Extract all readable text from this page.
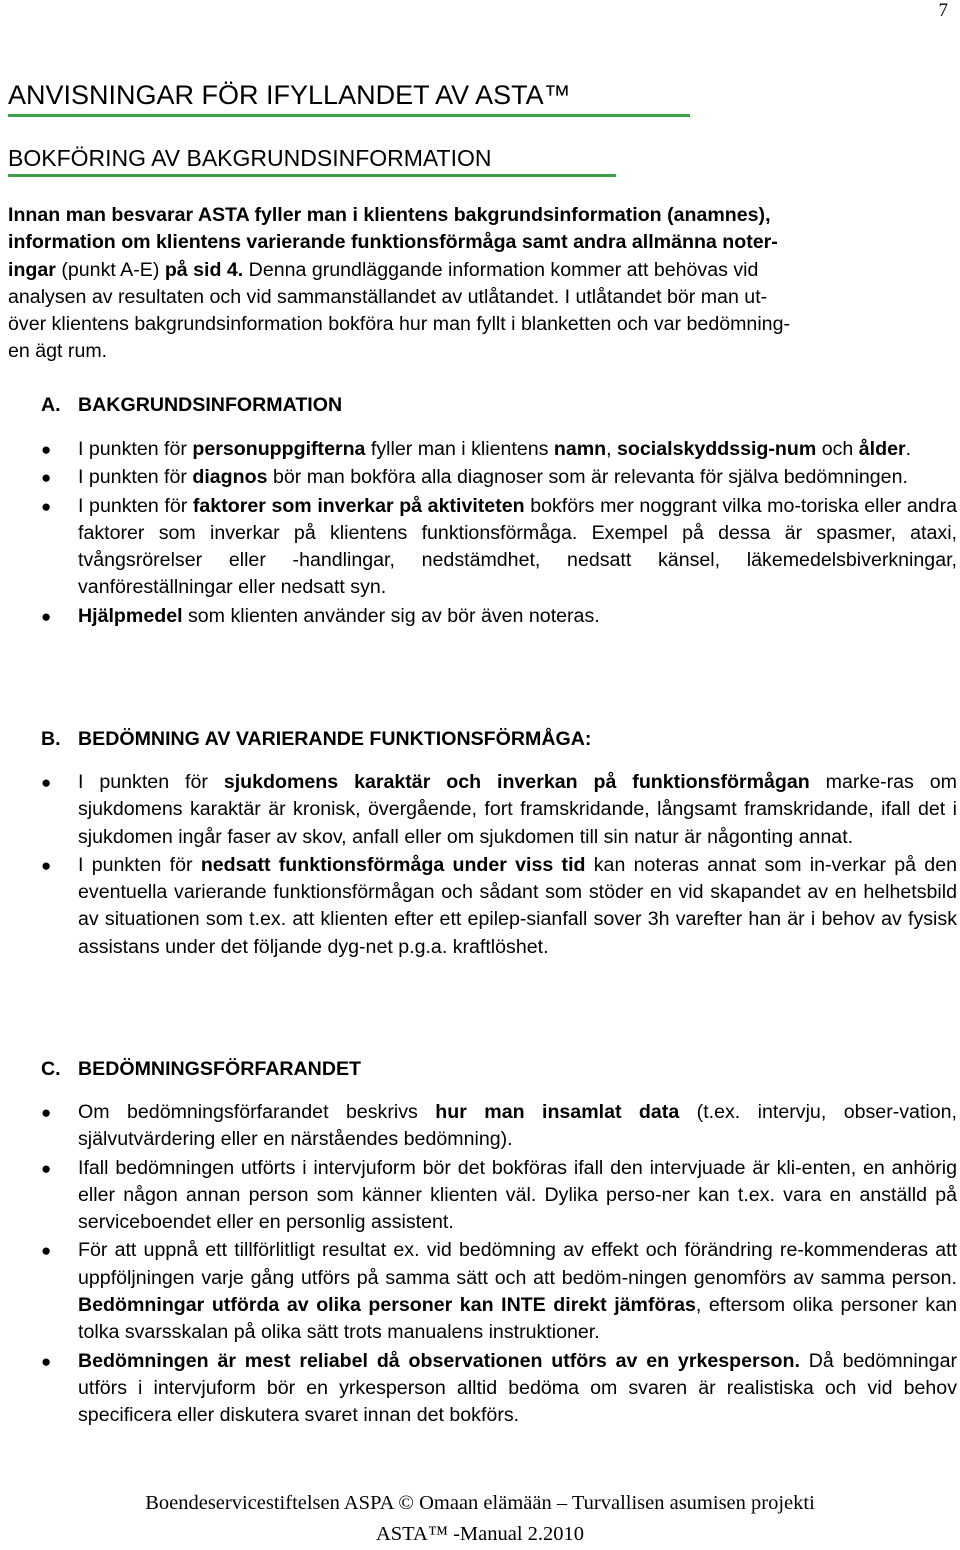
7
ANVISNINGAR FÖR IFYLLANDET AV ASTA™
BOKFÖRING AV BAKGRUNDSINFORMATION
Innan man besvarar ASTA fyller man i klientens bakgrundsinformation (anamnes),
information om klientens varierande funktionsförmåga samt andra allmänna noter-
ingar (punkt A-E) på sid 4. Denna grundläggande information kommer att behövas vid
analysen av resultaten och vid sammanställandet av utlåtandet. I utlåtandet bör man ut-
över klientens bakgrundsinformation bokföra hur man fyllt i blanketten och var bedömning-
en ägt rum.
A. BAKGRUNDSINFORMATION
● I punkten för personuppgifterna fyller man i klientens namn, socialskyddssig-num och ålder.
● I punkten för diagnos bör man bokföra alla diagnoser som är relevanta för själva bedömningen.
● I punkten för faktorer som inverkar på aktiviteten bokförs mer noggrant vilka mo-toriska eller andra faktorer som inverkar på klientens funktionsförmåga. Exempel på dessa är spasmer, ataxi, tvångsrörelser eller -handlingar, nedstämdhet, nedsatt känsel, läkemedelsbiverkningar, vanföreställningar eller nedsatt syn.
● Hjälpmedel som klienten använder sig av bör även noteras.
B. BEDÖMNING AV VARIERANDE FUNKTIONSFÖRMÅGA:
● I punkten för sjukdomens karaktär och inverkan på funktionsförmågan marke-ras om sjukdomens karaktär är kronisk, övergående, fort framskridande, långsamt framskridande, ifall det i sjukdomen ingår faser av skov, anfall eller om sjukdomen till sin natur är någonting annat.
● I punkten för nedsatt funktionsförmåga under viss tid kan noteras annat som in-verkar på den eventuella varierande funktionsförmågan och sådant som stöder en vid skapandet av en helhetsbild av situationen som t.ex. att klienten efter ett epilep-sianfall sover 3h varefter han är i behov av fysisk assistans under det följande dyg-net p.g.a. kraftlöshet.
C. BEDÖMNINGSFÖRFARANDET
● Om bedömningsförfarandet beskrivs hur man insamlat data (t.ex. intervju, obser-vation, självutvärdering eller en närståendes bedömning).
● Ifall bedömningen utförts i intervjuform bör det bokföras ifall den intervjuade är kli-enten, en anhörig eller någon annan person som känner klienten väl. Dylika perso-ner kan t.ex. vara en anställd på serviceboendet eller en personlig assistent.
● För att uppnå ett tillförlitligt resultat ex. vid bedömning av effekt och förändring re-kommenderas att uppföljningen varje gång utförs på samma sätt och att bedöm-ningen genomförs av samma person. Bedömningar utförda av olika personer kan INTE direkt jämföras, eftersom olika personer kan tolka svarsskalan på olika sätt trots manualens instruktioner.
● Bedömningen är mest reliabel då observationen utförs av en yrkesperson. Då bedömningar utförs i intervjuform bör en yrkesperson alltid bedöma om svaren är realistiska och vid behov specificera eller diskutera svaret innan det bokförs.
Boendeservicestiftelsen ASPA © Omaan elämään – Turvallisen asumisen projekti
ASTA™ -Manual 2.2010
